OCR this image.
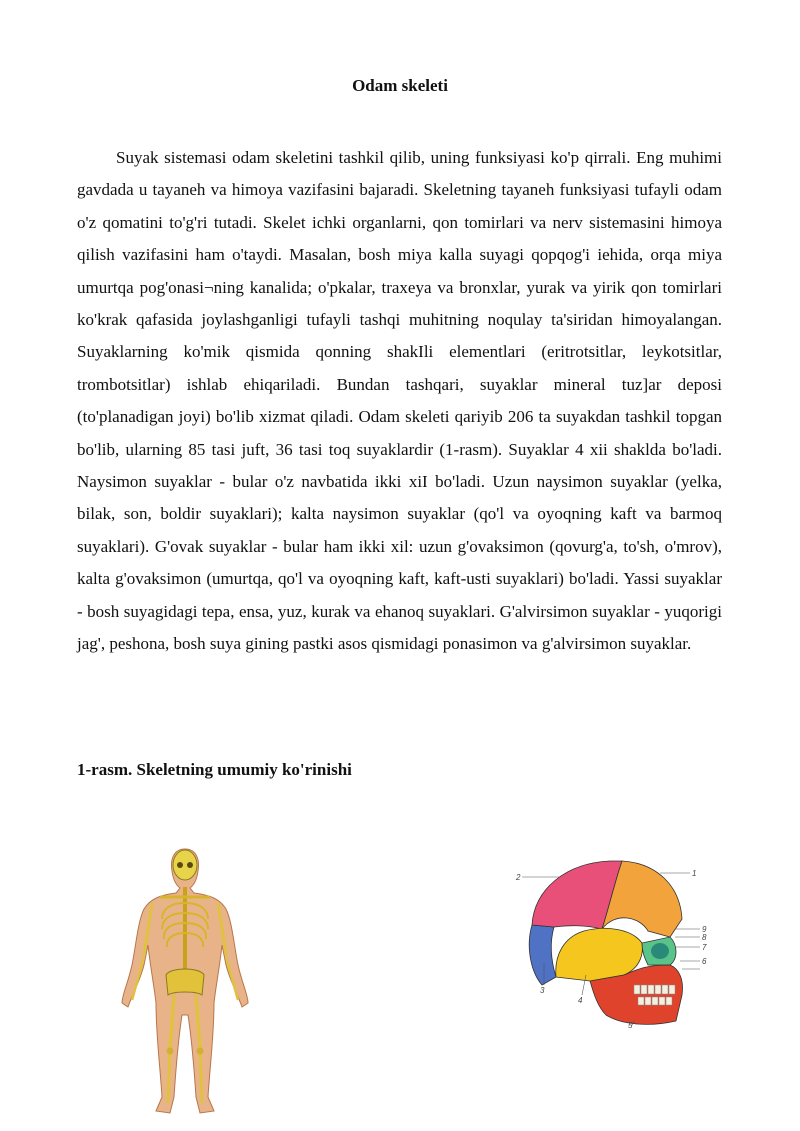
Odam skeleti

Suyak sistemasi odam skeletini tashkil qilib, uning funksiyasi ko'p qirrali. Eng muhimi gavdada u tayaneh va himoya vazifasini bajaradi. Skeletning tayaneh funksiyasi tufayli odam o'z qomatini to'g'ri tutadi. Skelet ichki organlarni, qon tomirlari va nerv sistemasini himoya qilish vazifasini ham o'taydi. Masalan, bosh miya kalla suyagi qopqog'i iehida, orqa miya umurtqa pog'onasi¬ning kanalida; o'pkalar, traxeya va bronxlar, yurak va yirik qon tomirlari ko'krak qafasida joylashganligi tufayli tashqi muhitning noqulay ta'siridan himoyalangan. Suyaklarning ko'mik qismida qonning shakIli elementlari (eritrotsitlar, leykotsitlar, trombotsitlar) ishlab ehiqariladi. Bundan tashqari, suyaklar mineral tuz]ar deposi (to'planadigan joyi) bo'lib xizmat qiladi. Odam skeleti qariyib 206 ta suyakdan tashkil topgan bo'lib, ularning 85 tasi juft, 36 tasi toq suyaklardir (1-rasm). Suyaklar 4 xii shaklda bo'ladi. Naysimon suyaklar - bular o'z navbatida ikki xiI bo'ladi. Uzun naysimon suyaklar (yelka, bilak, son, boldir suyaklari); kalta naysimon suyaklar (qo'l va oyoqning kaft va barmoq suyaklari). G'ovak suyaklar - bular ham ikki xil: uzun g'ovaksimon (qovurg'a, to'sh, o'mrov), kalta g'ovaksimon (umurtqa, qo'l va oyoqning kaft, kaft-usti suyaklari) bo'ladi. Yassi suyaklar - bosh suyagidagi tepa, ensa, yuz, kurak va ehanoq suyaklari. G'alvirsimon suyaklar - yuqorigi jag', peshona, bosh suya gining pastki asos qismidagi ponasimon va g'alvirsimon suyaklar.

1-rasm. Skeletning umumiy ko'rinishi
2	1
9
8
7
6
3
4
5
